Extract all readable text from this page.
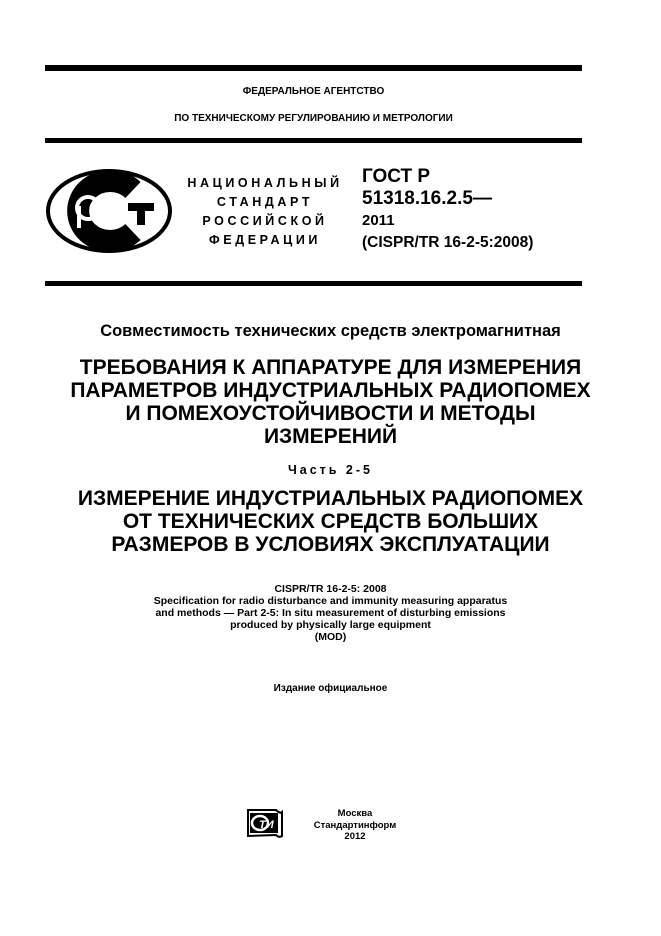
ФЕДЕРАЛЬНОЕ АГЕНТСТВО
ПО ТЕХНИЧЕСКОМУ РЕГУЛИРОВАНИЮ И МЕТРОЛОГИИ
НАЦИОНАЛЬНЫЙ
СТАНДАРТ
РОССИЙСКОЙ
ФЕДЕРАЦИИ
ГОСТ Р
51318.16.2.5—
2011
(CISPR/TR 16-2-5:2008)
Совместимость технических средств электромагнитная
ТРЕБОВАНИЯ К АППАРАТУРЕ ДЛЯ ИЗМЕРЕНИЯ
ПАРАМЕТРОВ ИНДУСТРИАЛЬНЫХ РАДИОПОМЕХ
И ПОМЕХОУСТОЙЧИВОСТИ И МЕТОДЫ
ИЗМЕРЕНИЙ
Часть 2-5
ИЗМЕРЕНИЕ ИНДУСТРИАЛЬНЫХ РАДИОПОМЕХ
ОТ ТЕХНИЧЕСКИХ СРЕДСТВ БОЛЬШИХ
РАЗМЕРОВ В УСЛОВИЯХ ЭКСПЛУАТАЦИИ
CISPR/TR 16-2-5: 2008
Specification for radio disturbance and immunity measuring apparatus
and methods — Part 2-5: In situ measurement of disturbing emissions
produced by physically large equipment
(MOD)
Издание официальное
ТИ
Москва
Стандартинформ
2012
